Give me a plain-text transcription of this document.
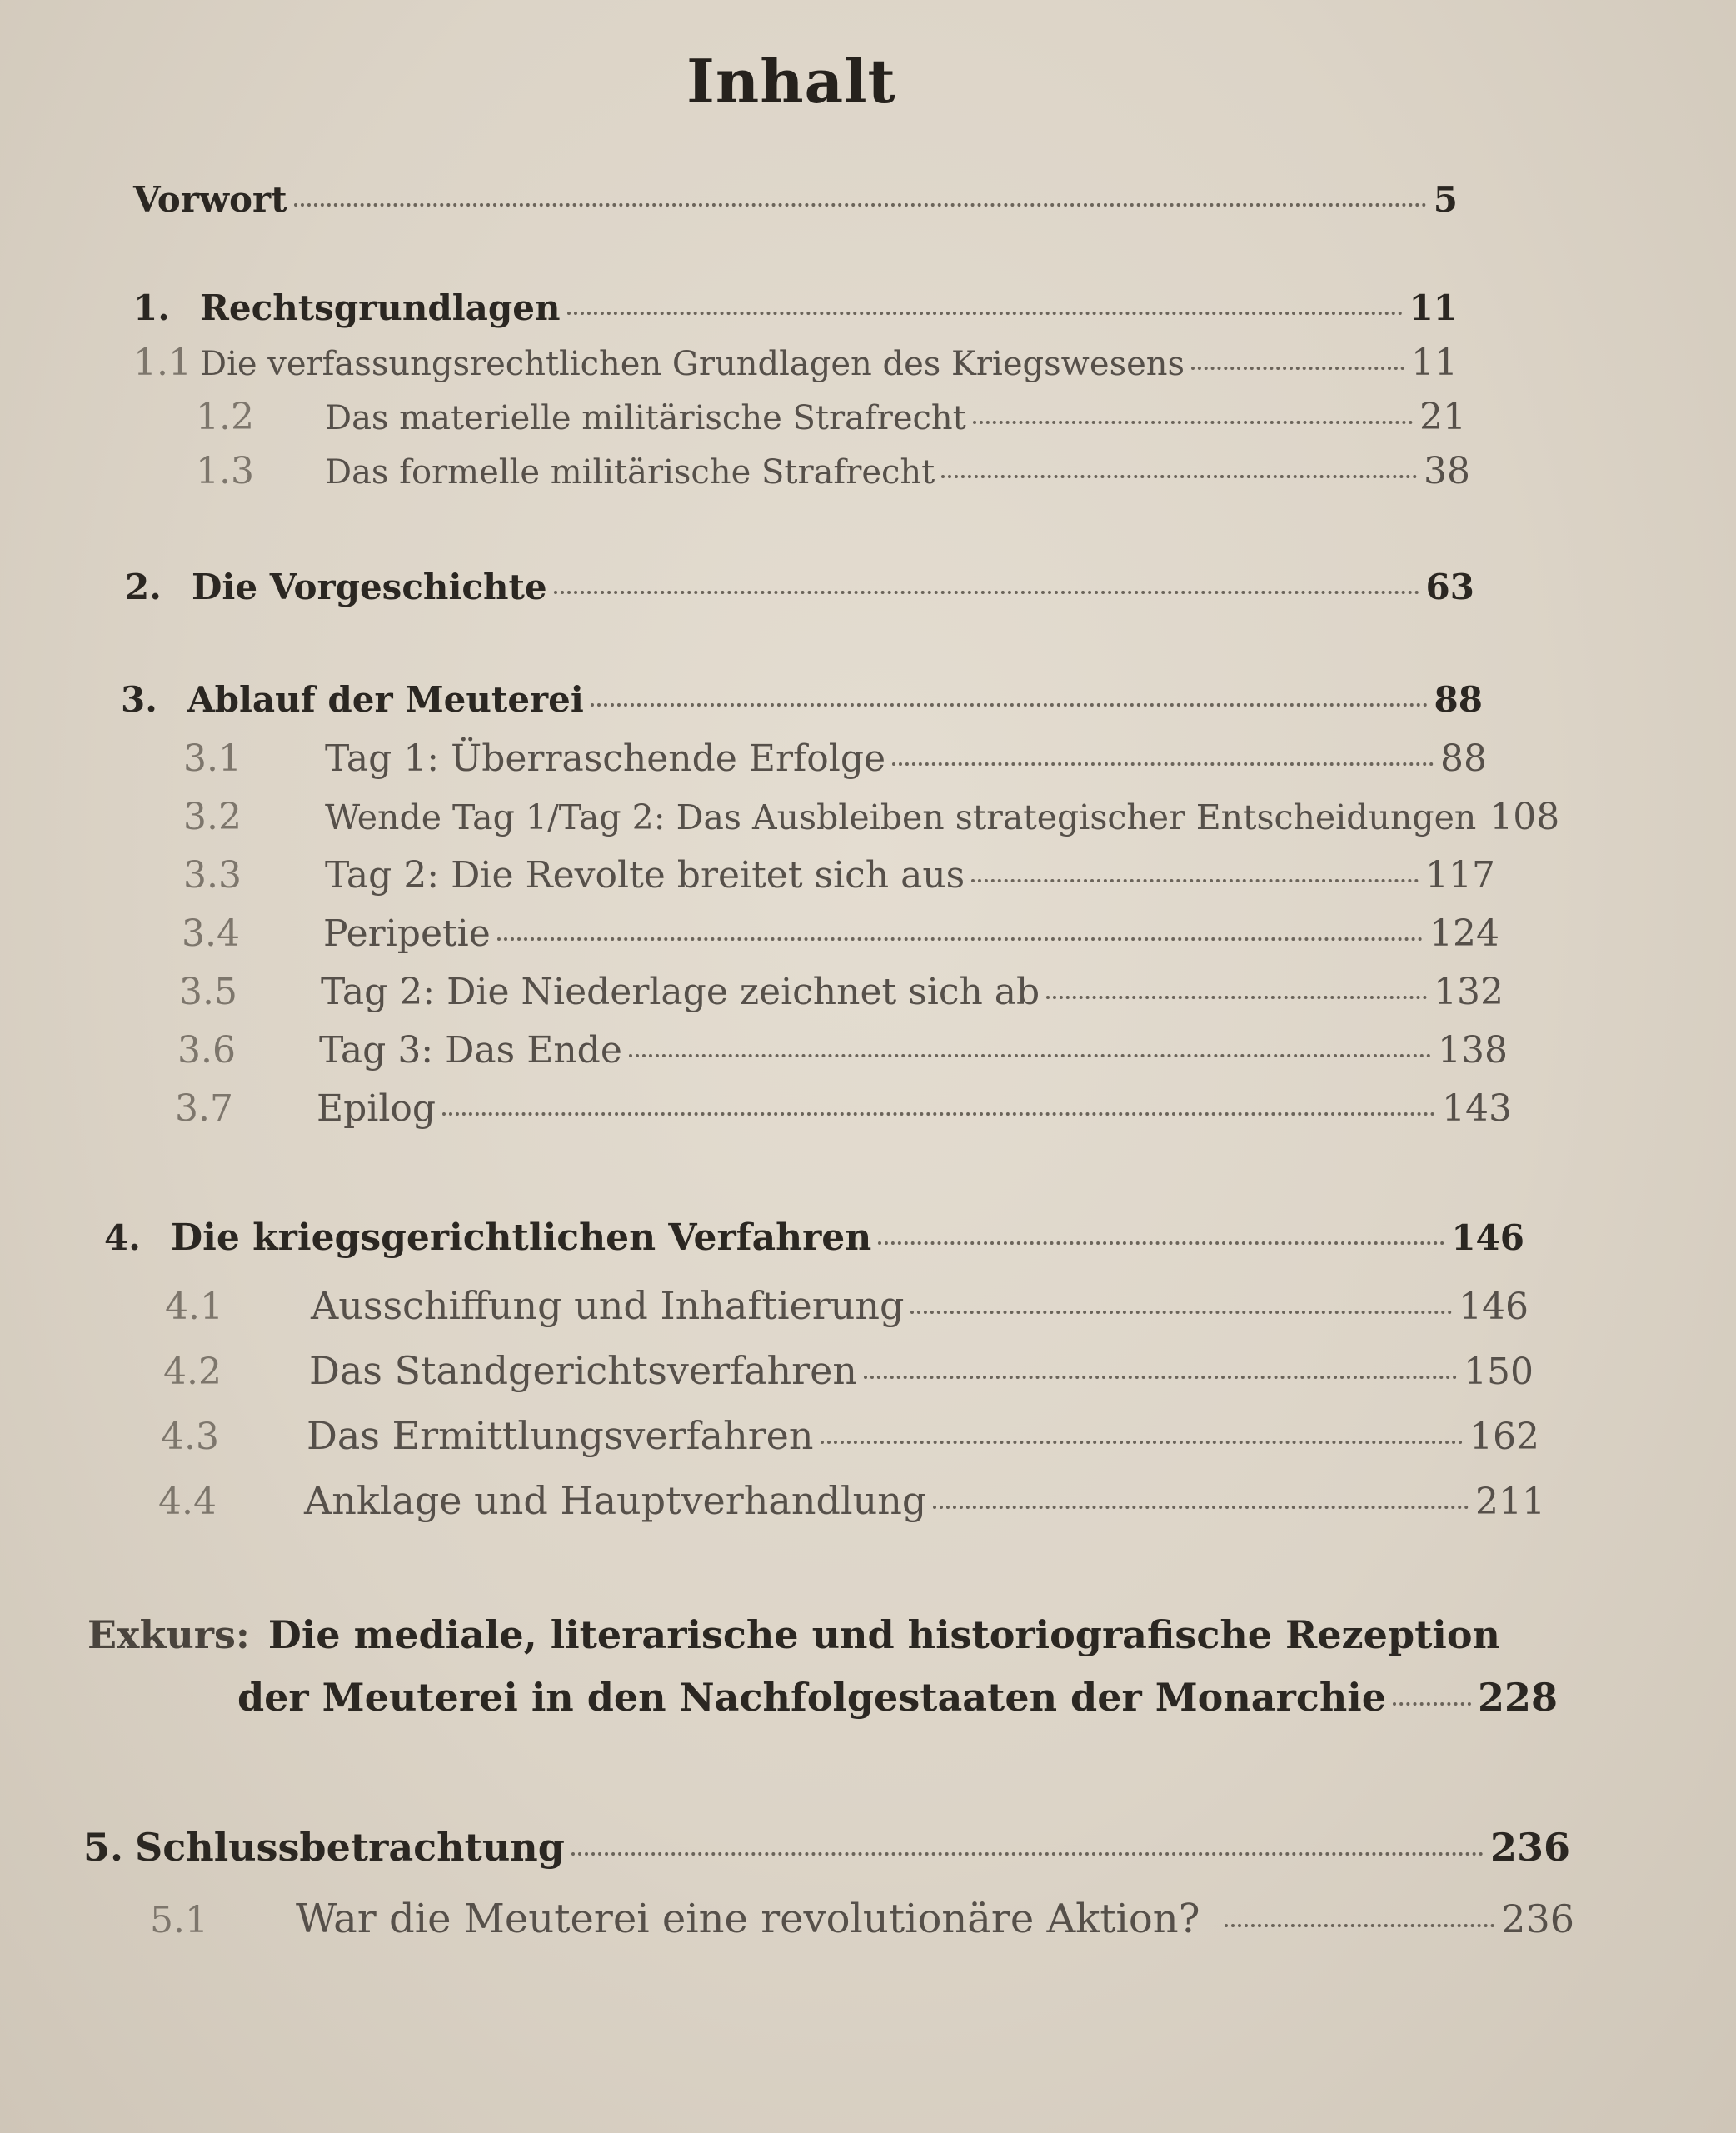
Inhalt
Vorwort	5
1. Rechtsgrundlagen	11
1.1 Die verfassungsrechtlichen Grundlagen des Kriegswesens	11
1.2	Das materielle militärische Strafrecht	21
1.3	Das formelle militärische Strafrecht	38
2. Die Vorgeschichte	63
3. Ablauf der Meuterei	88
3.1	Tag 1: Überraschende Erfolge	88
3.2	Wende Tag 1/Tag 2: Das Ausbleiben strategischer Entscheidungen 108
3.3	Tag 2: Die Revolte breitet sich aus	117
3.4	Peripetie	124
3.5	Tag 2: Die Niederlage zeichnet sich ab	132
3.6	Tag 3: Das Ende	138
3.7	Epilog	143
4. Die kriegsgerichtlichen Verfahren	146
4.1	Ausschiffung und Inhaftierung	146
4.2	Das Standgerichtsverfahren	150
4.3	Das Ermittlungsverfahren	162
4.4	Anklage und Hauptverhandlung	211
Exkurs: Die mediale, literarische und historiografische Rezeption
der Meuterei in den Nachfolgestaaten der Monarchie 228
5. Schlussbetrachtung	236
5.1	War die Meuterei eine revolutionäre Aktion?	236
